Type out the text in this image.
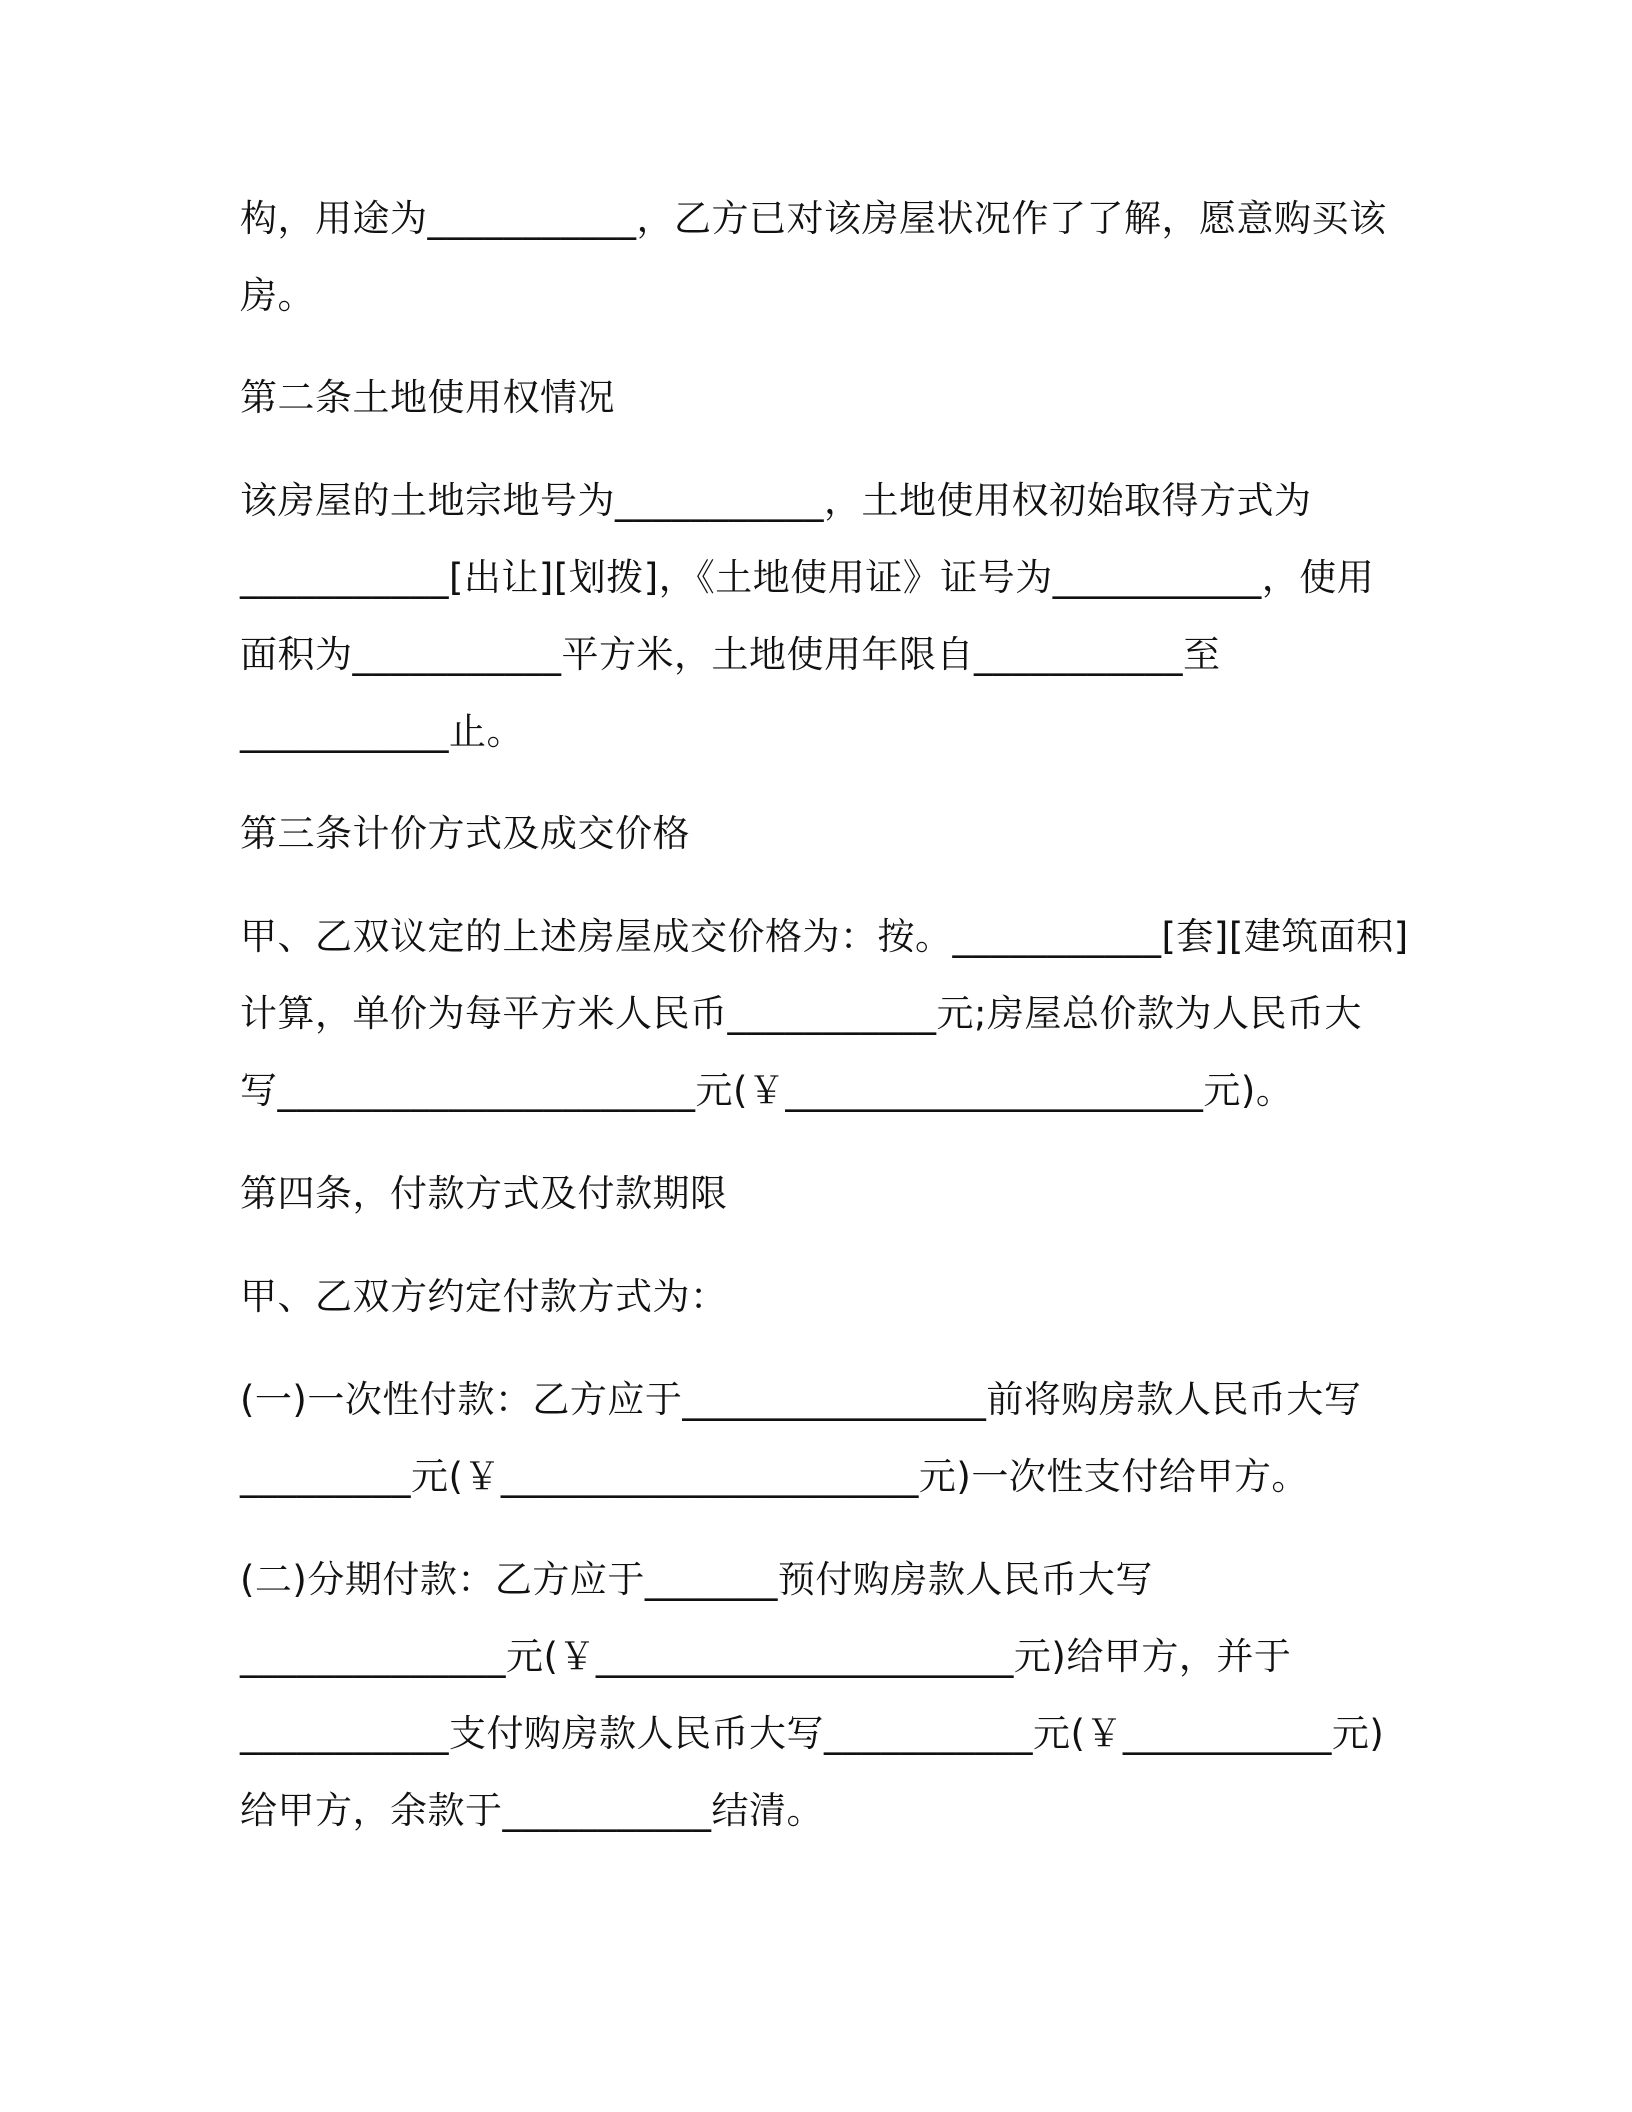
构，用途为___________，乙方已对该房屋状况作了了解，愿意购买该
房。
第二条土地使用权情况
该房屋的土地宗地号为___________，土地使用权初始取得方式为
___________[出让][划拨]，《土地使用证》证号为___________，使用
面积为___________平方米，土地使用年限自___________至
___________止。
第三条计价方式及成交价格
甲、乙双议定的上述房屋成交价格为：按。___________[套][建筑面积]
计算，单价为每平方米人民币___________元;房屋总价款为人民币大
写______________________元(￥______________________元)。
第四条，付款方式及付款期限
甲、乙双方约定付款方式为：
(一)一次性付款：乙方应于________________前将购房款人民币大写
_________元(￥______________________元)一次性支付给甲方。
(二)分期付款：乙方应于_______预付购房款人民币大写
______________元(￥______________________元)给甲方，并于
___________支付购房款人民币大写___________元(￥___________元)
给甲方，余款于___________结清。
